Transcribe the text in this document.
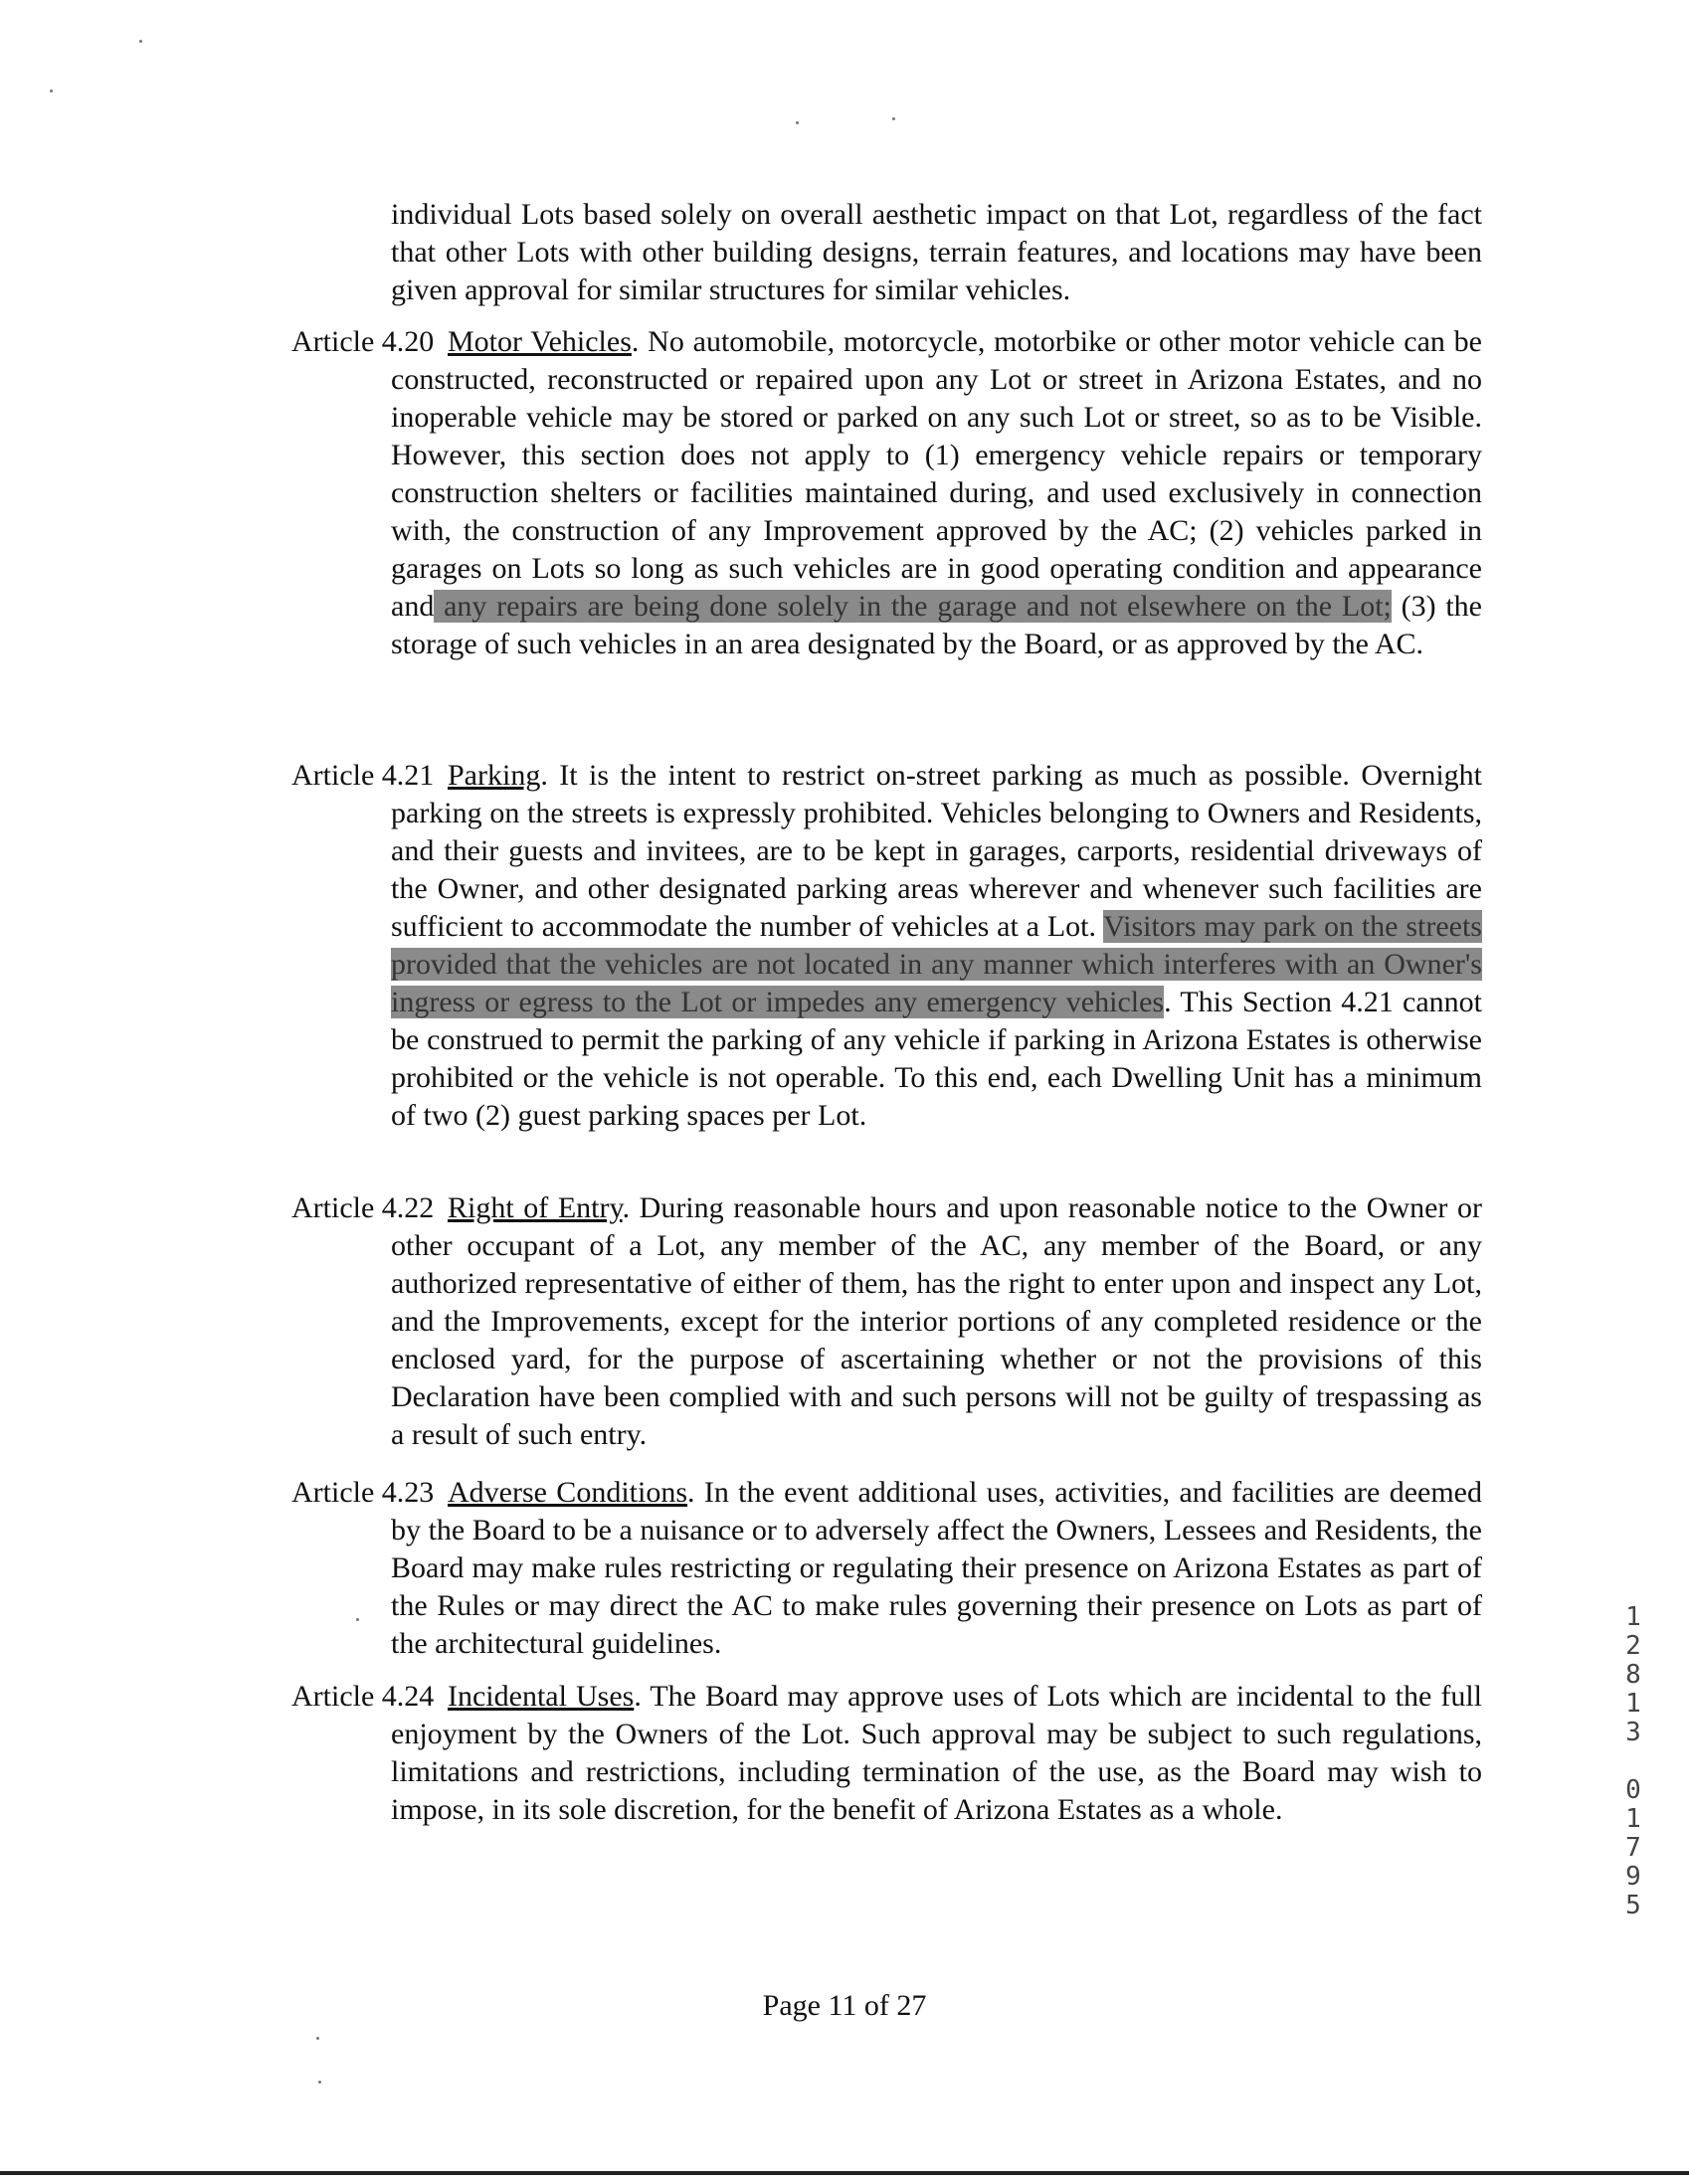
individual Lots based solely on overall aesthetic impact on that Lot, regardless of the fact that other Lots with other building designs, terrain features, and locations may have been given approval for similar structures for similar vehicles.
Article 4.20 Motor Vehicles. No automobile, motorcycle, motorbike or other motor vehicle can be constructed, reconstructed or repaired upon any Lot or street in Arizona Estates, and no inoperable vehicle may be stored or parked on any such Lot or street, so as to be Visible. However, this section does not apply to (1) emergency vehicle repairs or temporary construction shelters or facilities maintained during, and used exclusively in connection with, the construction of any Improvement approved by the AC; (2) vehicles parked in garages on Lots so long as such vehicles are in good operating condition and appearance and any repairs are being done solely in the garage and not elsewhere on the Lot; (3) the storage of such vehicles in an area designated by the Board, or as approved by the AC.
Article 4.21 Parking. It is the intent to restrict on-street parking as much as possible. Overnight parking on the streets is expressly prohibited. Vehicles belonging to Owners and Residents, and their guests and invitees, are to be kept in garages, carports, residential driveways of the Owner, and other designated parking areas wherever and whenever such facilities are sufficient to accommodate the number of vehicles at a Lot. Visitors may park on the streets provided that the vehicles are not located in any manner which interferes with an Owner's ingress or egress to the Lot or impedes any emergency vehicles. This Section 4.21 cannot be construed to permit the parking of any vehicle if parking in Arizona Estates is otherwise prohibited or the vehicle is not operable. To this end, each Dwelling Unit has a minimum of two (2) guest parking spaces per Lot.
Article 4.22 Right of Entry. During reasonable hours and upon reasonable notice to the Owner or other occupant of a Lot, any member of the AC, any member of the Board, or any authorized representative of either of them, has the right to enter upon and inspect any Lot, and the Improvements, except for the interior portions of any completed residence or the enclosed yard, for the purpose of ascertaining whether or not the provisions of this Declaration have been complied with and such persons will not be guilty of trespassing as a result of such entry.
Article 4.23 Adverse Conditions. In the event additional uses, activities, and facilities are deemed by the Board to be a nuisance or to adversely affect the Owners, Lessees and Residents, the Board may make rules restricting or regulating their presence on Arizona Estates as part of the Rules or may direct the AC to make rules governing their presence on Lots as part of the architectural guidelines.
Article 4.24 Incidental Uses. The Board may approve uses of Lots which are incidental to the full enjoyment by the Owners of the Lot. Such approval may be subject to such regulations, limitations and restrictions, including termination of the use, as the Board may wish to impose, in its sole discretion, for the benefit of Arizona Estates as a whole.
Page 11 of 27
1
2
8
1
3

0
1
7
9
5
